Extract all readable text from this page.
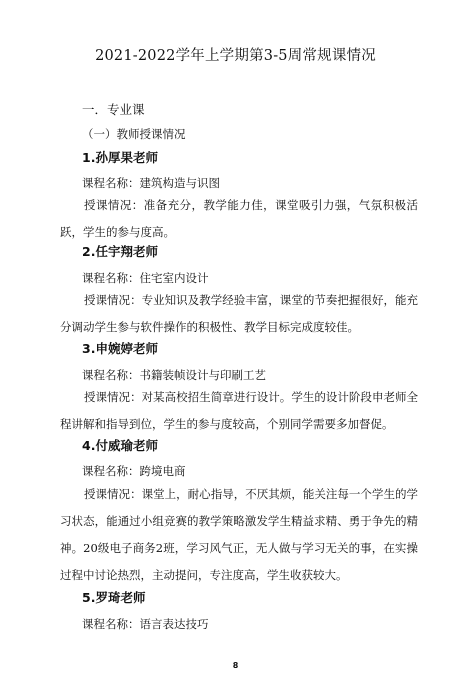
2021-2022学年上学期第3-5周常规课情况
一．专业课
（一）教师授课情况
1.孙厚果老师
课程名称：建筑构造与识图
授课情况：准备充分，教学能力佳，课堂吸引力强，气氛积极活跃，学生的参与度高。
2.任宇翔老师
课程名称：住宅室内设计
授课情况：专业知识及教学经验丰富，课堂的节奏把握很好，能充分调动学生参与软件操作的积极性、教学目标完成度较佳。
3.申婉婷老师
课程名称：书籍装帧设计与印刷工艺
授课情况：对某高校招生简章进行设计。学生的设计阶段申老师全程讲解和指导到位，学生的参与度较高，个别同学需要多加督促。
4.付威瑜老师
课程名称：跨境电商
授课情况：课堂上，耐心指导，不厌其烦，能关注每一个学生的学习状态，能通过小组竞赛的教学策略激发学生精益求精、勇于争先的精神。20级电子商务2班，学习风气正，无人做与学习无关的事，在实操过程中讨论热烈，主动提问，专注度高，学生收获较大。
5.罗琦老师
课程名称：语言表达技巧
8
